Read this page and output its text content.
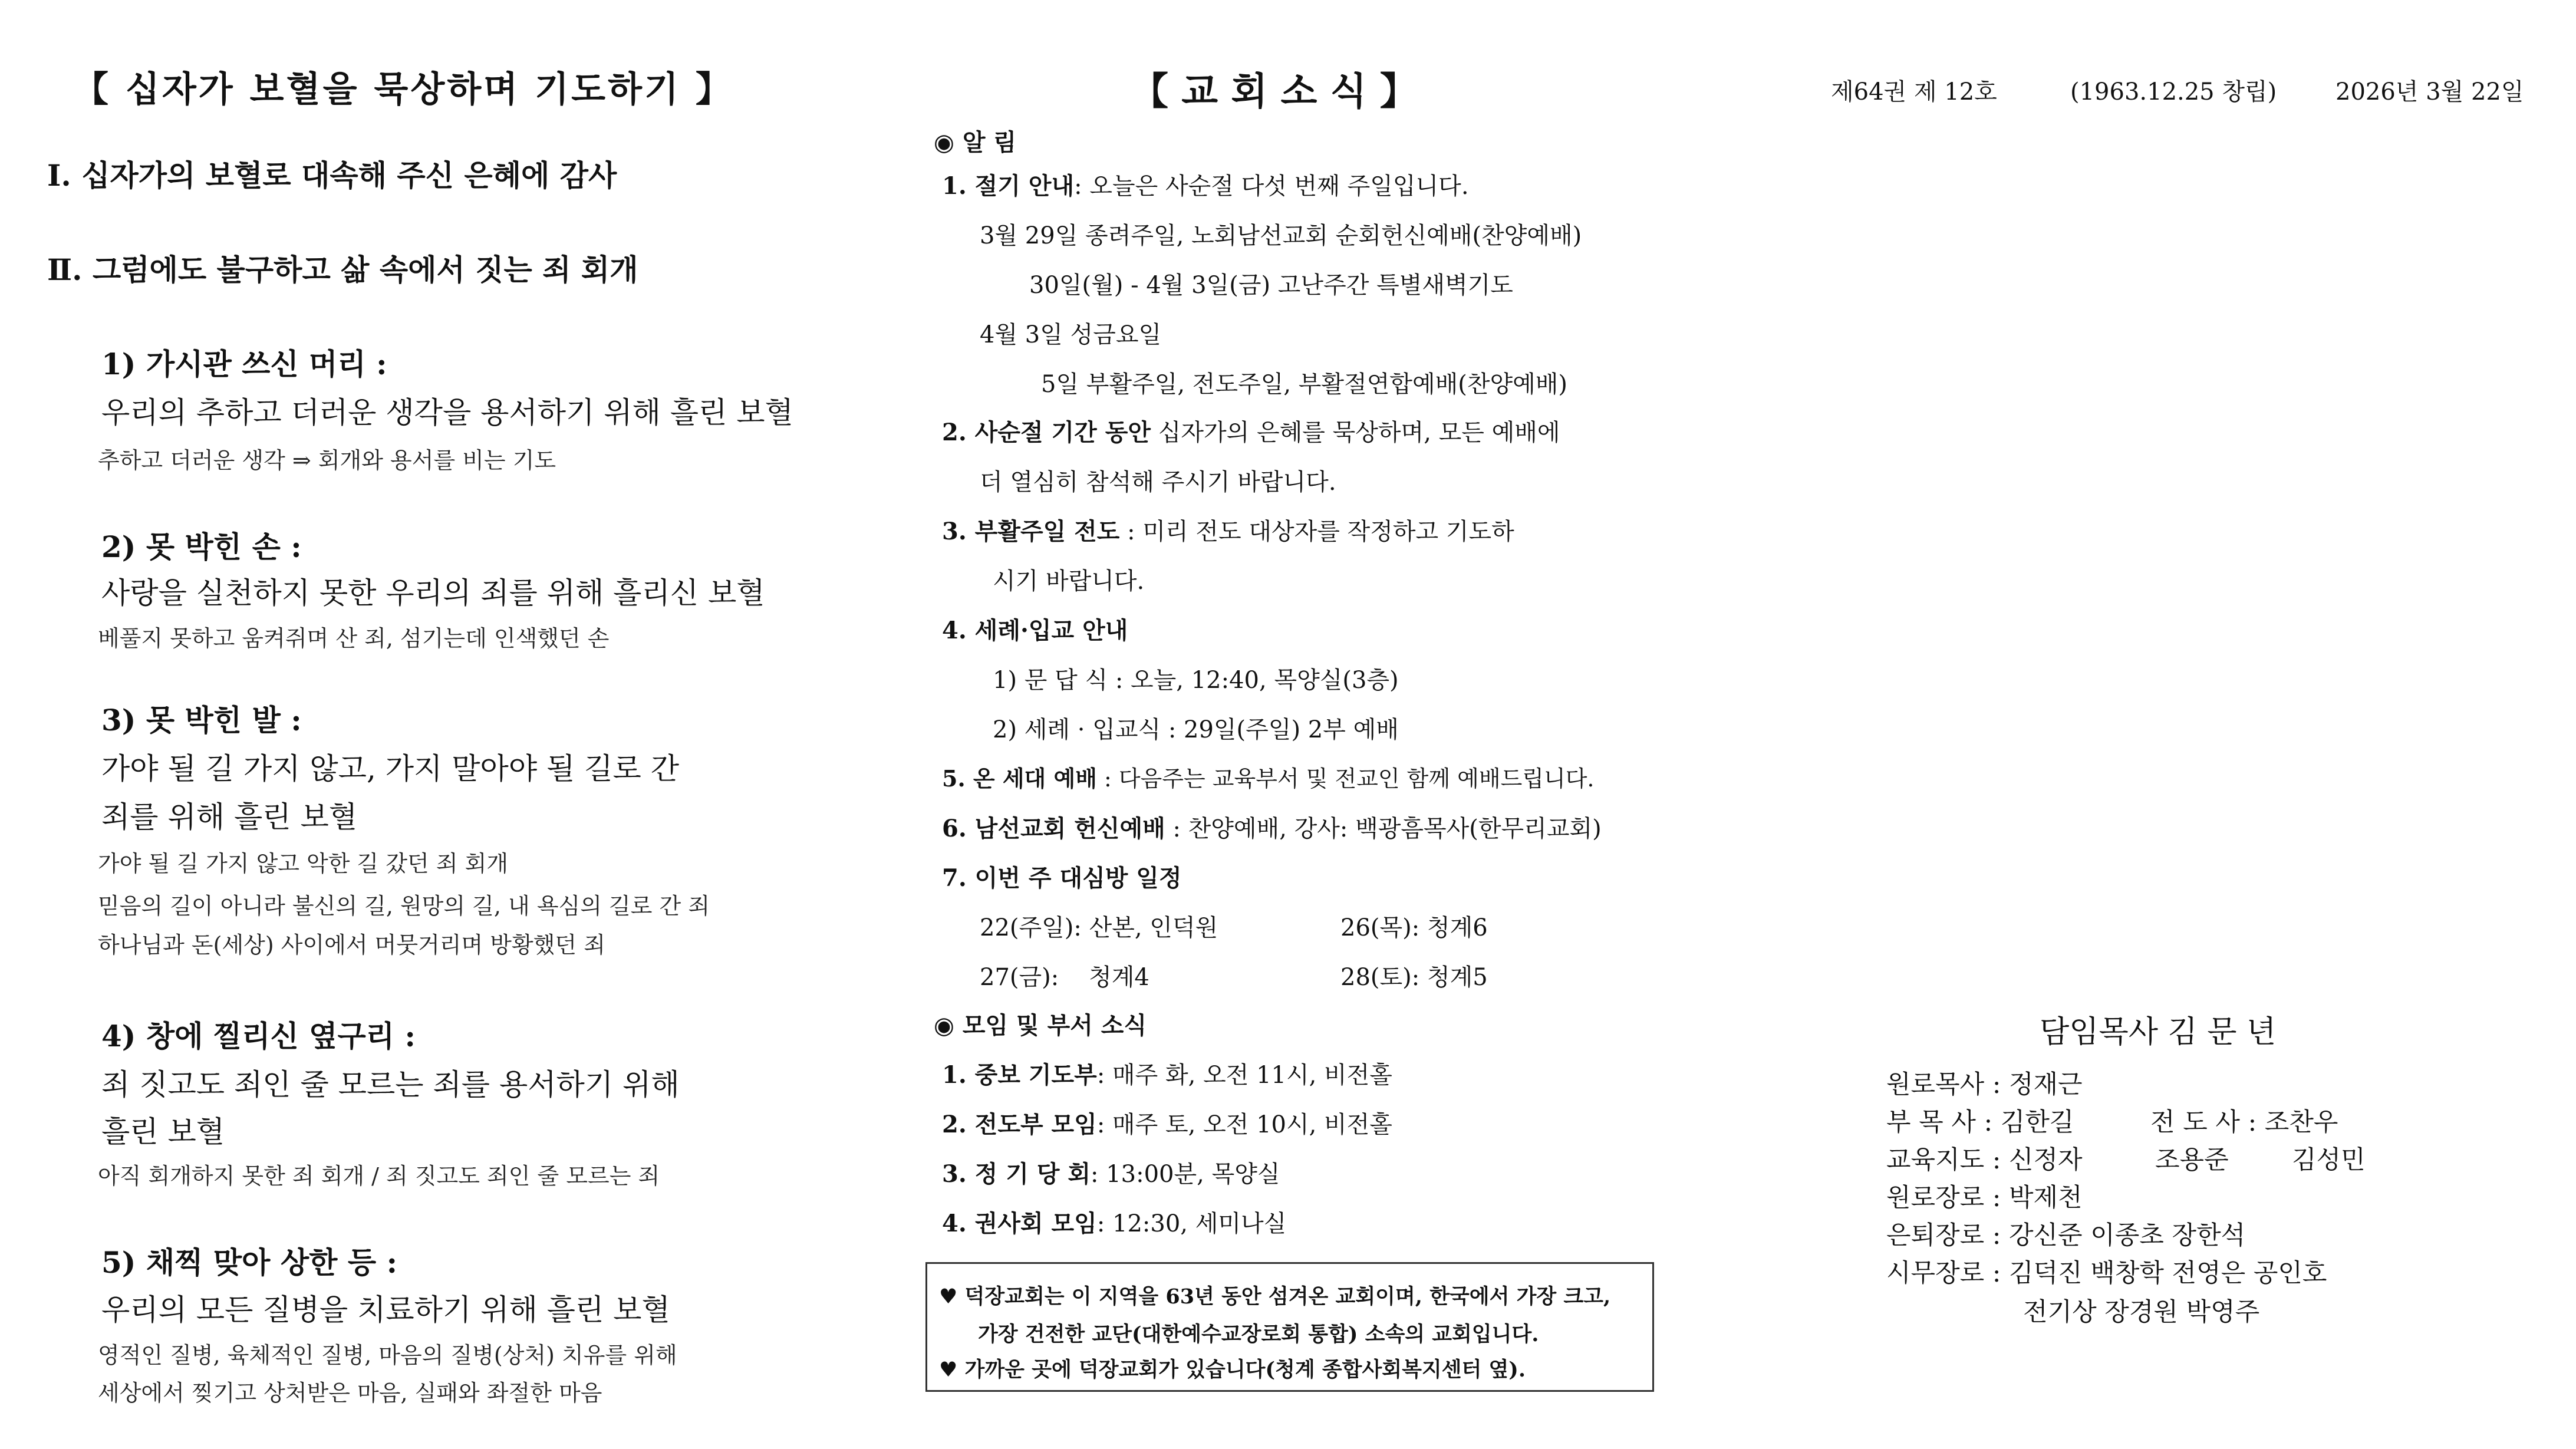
【 십자가 보혈을 묵상하며 기도하기 】
Ⅰ. 십자가의 보혈로 대속해 주신 은혜에 감사
Ⅱ. 그럼에도 불구하고 삶 속에서 짓는 죄 회개
1) 가시관 쓰신 머리 :
우리의 추하고 더러운 생각을 용서하기 위해 흘린 보혈
추하고 더러운 생각 ⇒ 회개와 용서를 비는 기도
2) 못 박힌 손 :
사랑을 실천하지 못한 우리의 죄를 위해 흘리신 보혈
베풀지 못하고 움켜쥐며 산 죄, 섬기는데 인색했던 손
3) 못 박힌 발 :
가야 될 길 가지 않고, 가지 말아야 될 길로 간
죄를 위해 흘린 보혈
가야 될 길 가지 않고 악한 길 갔던 죄 회개
믿음의 길이 아니라 불신의 길, 원망의 길, 내 욕심의 길로 간 죄
하나님과 돈(세상) 사이에서 머뭇거리며 방황했던 죄
4) 창에 찔리신 옆구리 :
죄 짓고도 죄인 줄 모르는 죄를 용서하기 위해
흘린 보혈
아직 회개하지 못한 죄 회개 / 죄 짓고도 죄인 줄 모르는 죄
5) 채찍 맞아 상한 등 :
우리의 모든 질병을 치료하기 위해 흘린 보혈
영적인 질병, 육체적인 질병, 마음의 질병(상처) 치유를 위해
세상에서 찢기고 상처받은 마음, 실패와 좌절한 마음
【 교 회 소 식 】
◉ 알 림
1. 절기 안내: 오늘은 사순절 다섯 번째 주일입니다.
3월 29일 종려주일, 노회남선교회 순회헌신예배(찬양예배)
30일(월) - 4월 3일(금) 고난주간 특별새벽기도
4월 3일 성금요일
5일 부활주일, 전도주일, 부활절연합예배(찬양예배)
2. 사순절 기간 동안 십자가의 은혜를 묵상하며, 모든 예배에
더 열심히 참석해 주시기 바랍니다.
3. 부활주일 전도 : 미리 전도 대상자를 작정하고 기도하
시기 바랍니다.
4. 세례·입교 안내
1) 문 답 식 : 오늘, 12:40, 목양실(3층)
2) 세례 · 입교식 : 29일(주일) 2부 예배
5. 온 세대 예배 : 다음주는 교육부서 및 전교인 함께 예배드립니다.
6. 남선교회 헌신예배 : 찬양예배, 강사: 백광흠목사(한무리교회)
7. 이번 주 대심방 일정
22(주일): 산본, 인덕원	26(목): 청계6
27(금): 청계4	28(토): 청계5
◉ 모임 및 부서 소식
1. 중보 기도부: 매주 화, 오전 11시, 비전홀
2. 전도부 모임: 매주 토, 오전 10시, 비전홀
3. 정 기 당 회: 13:00분, 목양실
4. 권사회 모임: 12:30, 세미나실
♥ 덕장교회는 이 지역을 63년 동안 섬겨온 교회이며, 한국에서 가장 크고,
가장 건전한 교단(대한예수교장로회 통합) 소속의 교회입니다.
♥ 가까운 곳에 덕장교회가 있습니다(청계 종합사회복지센터 옆).
제64권 제 12호	(1963.12.25 창립) 2026년 3월 22일
담임목사 김 문 년
원로목사 : 정재근
부 목 사 : 김한길	전 도 사 : 조찬우
교육지도 : 신정자	조용준 김성민
원로장로 : 박제천
은퇴장로 : 강신준 이종초 장한석
시무장로 : 김덕진 백창학 전영은 공인호
전기상 장경원 박영주
